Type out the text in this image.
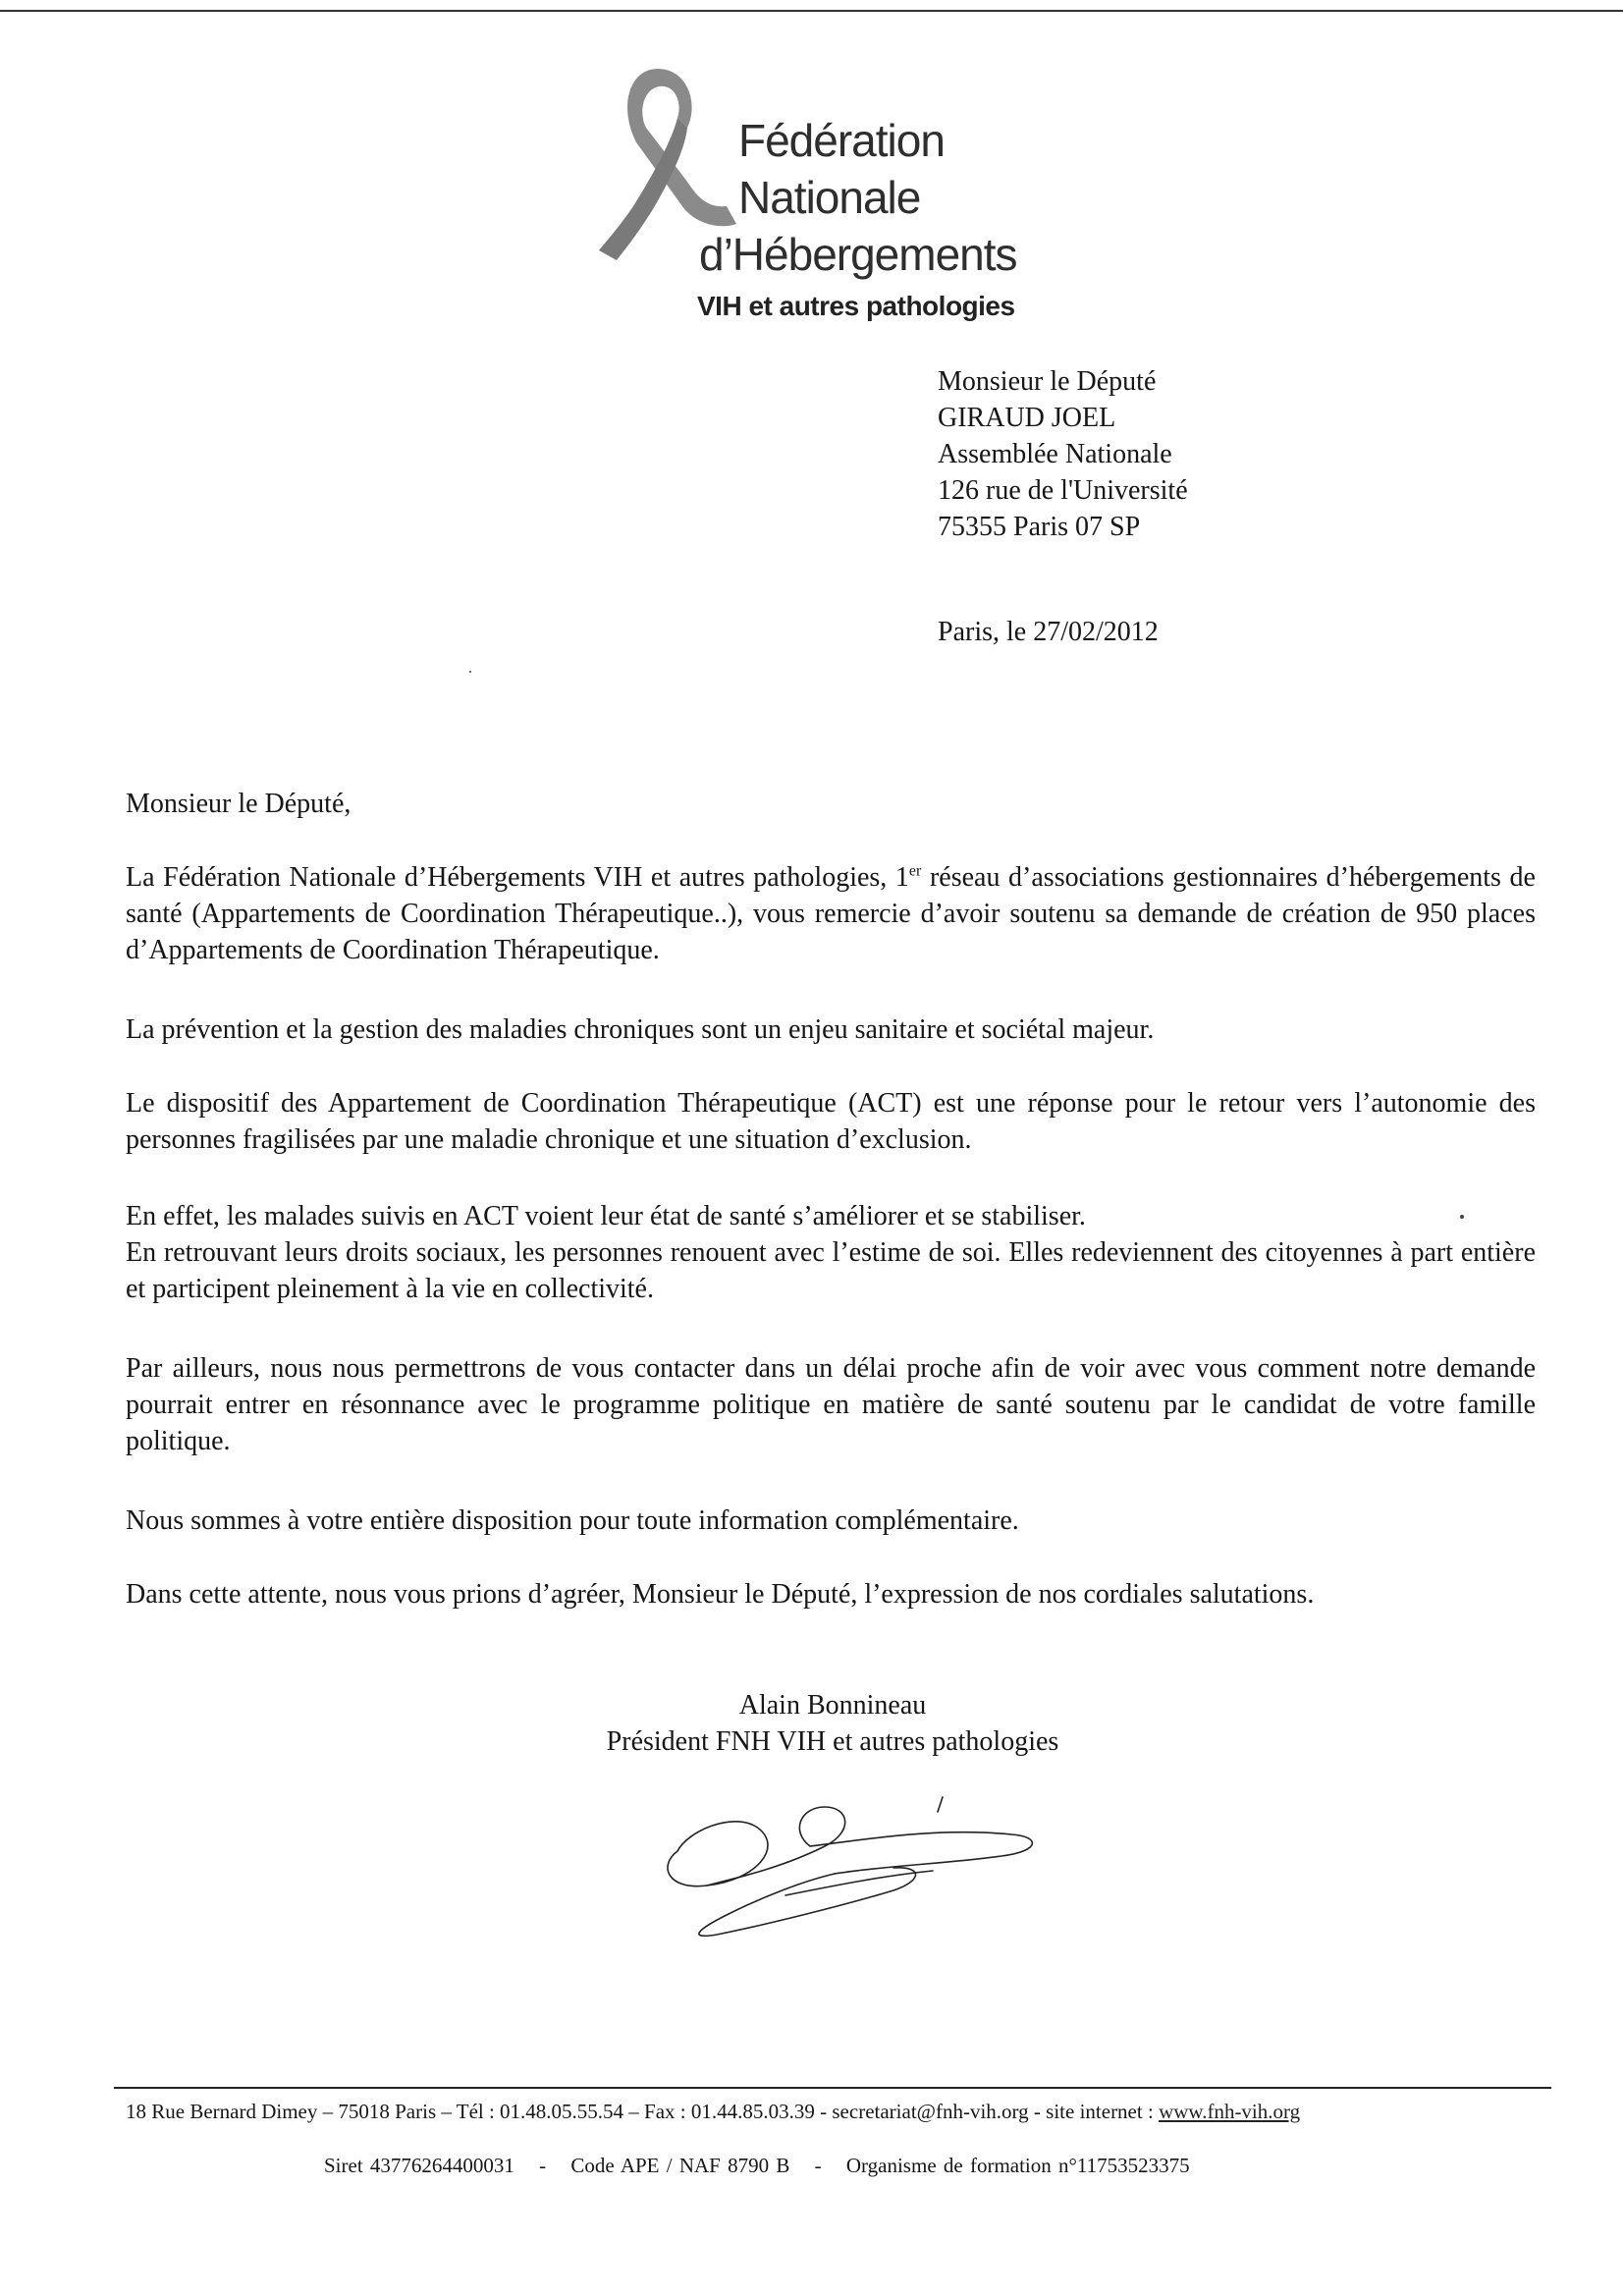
Fédération
Nationale
d’Hébergements
VIH et autres pathologies
Monsieur le Député
GIRAUD JOEL
Assemblée Nationale
126 rue de l'Université
75355 Paris 07 SP
Paris, le 27/02/2012
Monsieur le Député,
La Fédération Nationale d’Hébergements VIH et autres pathologies, 1er réseau d’associations gestionnaires d’hébergements de santé (Appartements de Coordination Thérapeutique..), vous remercie d’avoir soutenu sa demande de création de 950 places d’Appartements de Coordination Thérapeutique.
La prévention et la gestion des maladies chroniques sont un enjeu sanitaire et sociétal majeur.
Le dispositif des Appartement de Coordination Thérapeutique (ACT) est une réponse pour le retour vers l’autonomie des personnes fragilisées par une maladie chronique et une situation d’exclusion.
En effet, les malades suivis en ACT voient leur état de santé s’améliorer et se stabiliser.
En retrouvant leurs droits sociaux, les personnes renouent avec l’estime de soi. Elles redeviennent des citoyennes à part entière et participent pleinement à la vie en collectivité.
Par ailleurs, nous nous permettrons de vous contacter dans un délai proche afin de voir avec vous comment notre demande pourrait entrer en résonnance avec le programme politique en matière de santé soutenu par le candidat de votre famille politique.
Nous sommes à votre entière disposition pour toute information complémentaire.
Dans cette attente, nous vous prions d’agréer, Monsieur le Député, l’expression de nos cordiales salutations.
Alain Bonnineau
Président FNH VIH et autres pathologies
18 Rue Bernard Dimey – 75018 Paris – Tél : 01.48.05.55.54 – Fax : 01.44.85.03.39 - secretariat@fnh-vih.org - site internet : www.fnh-vih.org
Siret 43776264400031 - Code APE / NAF 8790 B - Organisme de formation n°11753523375
